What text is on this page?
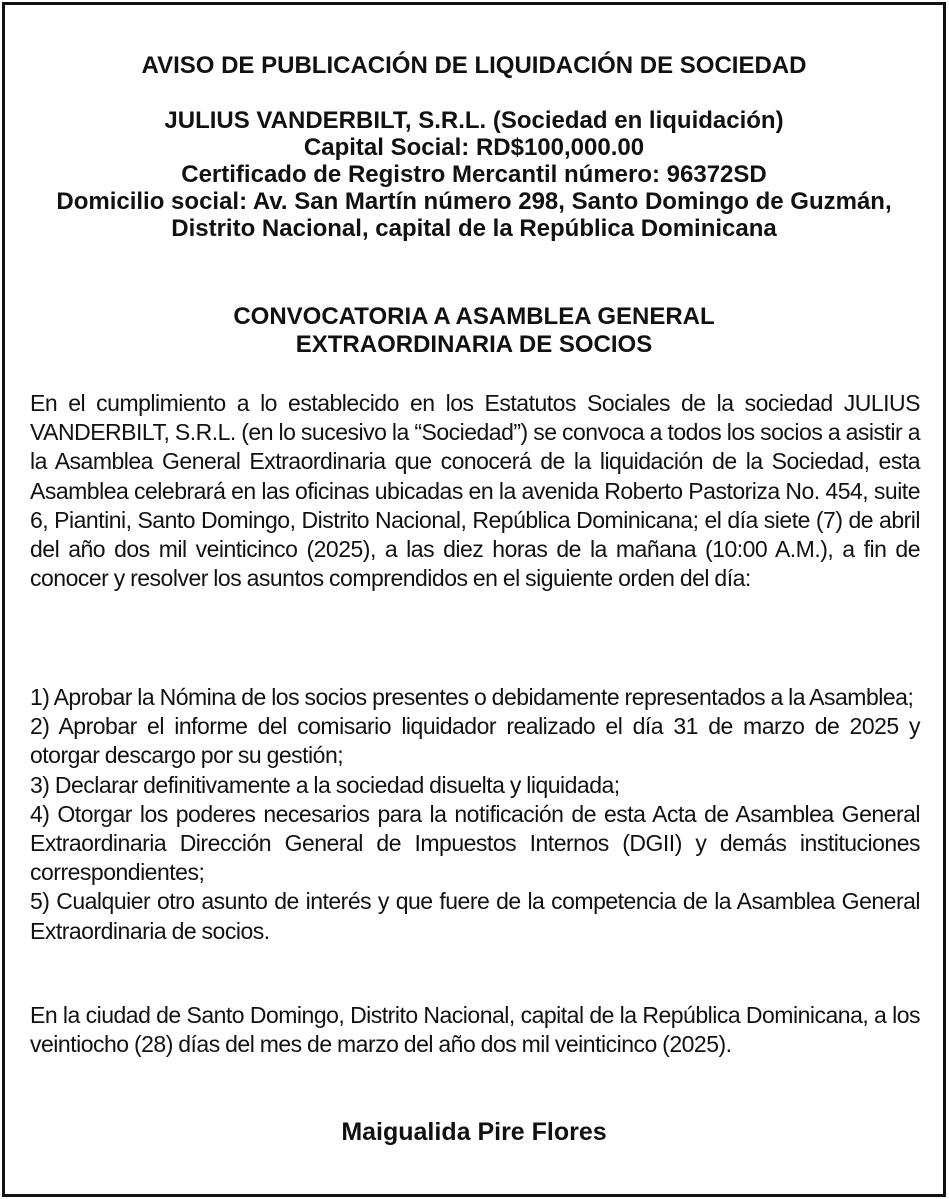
AVISO DE PUBLICACIÓN DE LIQUIDACIÓN DE SOCIEDAD
JULIUS VANDERBILT, S.R.L. (Sociedad en liquidación)
Capital Social: RD$100,000.00
Certificado de Registro Mercantil número: 96372SD
Domicilio social: Av. San Martín número 298, Santo Domingo de Guzmán,
Distrito Nacional, capital de la República Dominicana
CONVOCATORIA A ASAMBLEA GENERAL
EXTRAORDINARIA DE SOCIOS

En el cumplimiento a lo establecido en los Estatutos Sociales de la sociedad JULIUS VANDERBILT, S.R.L. (en lo sucesivo la “Sociedad”) se convoca a todos los socios a asistir a la Asamblea General Extraordinaria que conocerá de la liquidación de la Sociedad, esta Asamblea celebrará en las oficinas ubicadas en la avenida Roberto Pastoriza No. 454, suite 6, Piantini, Santo Domingo, Distrito Nacional, República Dominicana; el día siete (7) de abril del año dos mil veinticinco (2025), a las diez horas de la mañana (10:00 A.M.), a fin de conocer y resolver los asuntos comprendidos en el siguiente orden del día:

1) Aprobar la Nómina de los socios presentes o debidamente representados a la Asamblea;
2) Aprobar el informe del comisario liquidador realizado el día 31 de marzo de 2025 y otorgar descargo por su gestión;
3) Declarar definitivamente a la sociedad disuelta y liquidada;
4) Otorgar los poderes necesarios para la notificación de esta Acta de Asamblea General Extraordinaria Dirección General de Impuestos Internos (DGII) y demás instituciones correspondientes;
5) Cualquier otro asunto de interés y que fuere de la competencia de la Asamblea General Extraordinaria de socios.

En la ciudad de Santo Domingo, Distrito Nacional, capital de la República Dominicana, a los veintiocho (28) días del mes de marzo del año dos mil veinticinco (2025).

Maigualida Pire Flores
